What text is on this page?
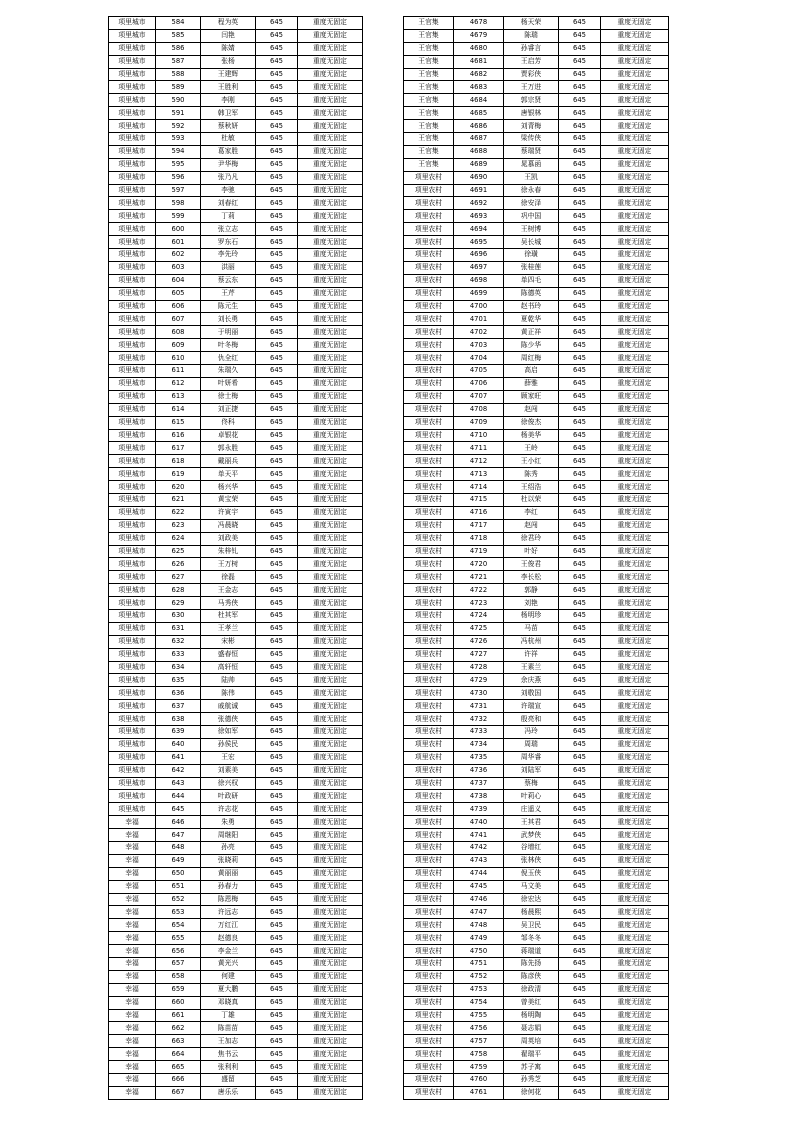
项里城市	584	程为英	645	重度无固定
项里城市	585	闫艳	645	重度无固定
项里城市	586	陈婧	645	重度无固定
项里城市	587	张杨	645	重度无固定
项里城市	588	王建辉	645	重度无固定
项里城市	589	王胜利	645	重度无固定
项里城市	590	李刚	645	重度无固定
项里城市	591	韩卫军	645	重度无固定
项里城市	592	蔡秋妍	645	重度无固定
项里城市	593	杜敏	645	重度无固定
项里城市	594	葛家胜	645	重度无固定
项里城市	595	尹华梅	645	重度无固定
项里城市	596	张乃凡	645	重度无固定
项里城市	597	李驰	645	重度无固定
项里城市	598	刘春红	645	重度无固定
项里城市	599	丁莉	645	重度无固定
项里城市	600	张立志	645	重度无固定
项里城市	601	罗东石	645	重度无固定
项里城市	602	李先玲	645	重度无固定
项里城市	603	洪丽	645	重度无固定
项里城市	604	蔡云东	645	重度无固定
项里城市	605	王芹	645	重度无固定
项里城市	606	陈元生	645	重度无固定
项里城市	607	刘长勇	645	重度无固定
项里城市	608	于明丽	645	重度无固定
项里城市	609	叶冬梅	645	重度无固定
项里城市	610	仇全红	645	重度无固定
项里城市	611	朱瑞久	645	重度无固定
项里城市	612	叶妍希	645	重度无固定
项里城市	613	徐士梅	645	重度无固定
项里城市	614	刘正捷	645	重度无固定
项里城市	615	佟科	645	重度无固定
项里城市	616	卓银花	645	重度无固定
项里城市	617	郭永胜	645	重度无固定
项里城市	618	戴丽兵	645	重度无固定
项里城市	619	单天平	645	重度无固定
项里城市	620	杨兴华	645	重度无固定
项里城市	621	黄宝荣	645	重度无固定
项里城市	622	许寅宇	645	重度无固定
项里城市	623	冯晨晓	645	重度无固定
项里城市	624	刘政美	645	重度无固定
项里城市	625	朱梓钆	645	重度无固定
项里城市	626	王万树	645	重度无固定
项里城市	627	徐磊	645	重度无固定
项里城市	628	王金志	645	重度无固定
项里城市	629	马秀侠	645	重度无固定
项里城市	630	杜其军	645	重度无固定
项里城市	631	王孝兰	645	重度无固定
项里城市	632	宋彬	645	重度无固定
项里城市	633	盛春恒	645	重度无固定
项里城市	634	高轩恒	645	重度无固定
项里城市	635	陆帅	645	重度无固定
项里城市	636	陈伟	645	重度无固定
项里城市	637	戚航诚	645	重度无固定
项里城市	638	张德侠	645	重度无固定
项里城市	639	徐如军	645	重度无固定
项里城市	640	孙侯民	645	重度无固定
项里城市	641	王宏	645	重度无固定
项里城市	642	刘素美	645	重度无固定
项里城市	643	徐兴权	645	重度无固定
项里城市	644	叶政研	645	重度无固定
项里城市	645	许志花	645	重度无固定
幸福	646	朱勇	645	重度无固定
幸福	647	周继阳	645	重度无固定
幸福	648	孙亮	645	重度无固定
幸福	649	张晓莉	645	重度无固定
幸福	650	黄丽丽	645	重度无固定
幸福	651	孙春力	645	重度无固定
幸福	652	陈恩梅	645	重度无固定
幸福	653	许远志	645	重度无固定
幸福	654	万红江	645	重度无固定
幸福	655	赵德良	645	重度无固定
幸福	656	李金兰	645	重度无固定
幸福	657	黄光兴	645	重度无固定
幸福	658	何建	645	重度无固定
幸福	659	夏大鹏	645	重度无固定
幸福	660	邓晓真	645	重度无固定
幸福	661	丁雄	645	重度无固定
幸福	662	陈苗苗	645	重度无固定
幸福	663	王加志	645	重度无固定
幸福	664	焦书云	645	重度无固定
幸福	665	张利利	645	重度无固定
幸福	666	盛留	645	重度无固定
幸福	667	唐乐乐	645	重度无固定
王官集	4678	杨天荣	645	重度无固定
王官集	4679	陈瑞	645	重度无固定
王官集	4680	孙睿言	645	重度无固定
王官集	4681	王启芳	645	重度无固定
王官集	4682	贾彩侠	645	重度无固定
王官集	4683	王万进	645	重度无固定
王官集	4684	郭宗贤	645	重度无固定
王官集	4685	唐银林	645	重度无固定
王官集	4686	刘青梅	645	重度无固定
王官集	4687	梁传侠	645	重度无固定
王官集	4688	蔡瑞贤	645	重度无固定
王官集	4689	晁慕函	645	重度无固定
项里农村	4690	王凯	645	重度无固定
项里农村	4691	徐永春	645	重度无固定
项里农村	4692	徐安泽	645	重度无固定
项里农村	4693	巩中国	645	重度无固定
项里农村	4694	王树博	645	重度无固定
项里农村	4695	吴长城	645	重度无固定
项里农村	4696	徐璜	645	重度无固定
项里农村	4697	张桂莲	645	重度无固定
项里农村	4698	单四毛	645	重度无固定
项里农村	4699	陈德英	645	重度无固定
项里农村	4700	赵书玲	645	重度无固定
项里农村	4701	夏乾华	645	重度无固定
项里农村	4702	黄正祥	645	重度无固定
项里农村	4703	陈少华	645	重度无固定
项里农村	4704	周红梅	645	重度无固定
项里农村	4705	高启	645	重度无固定
项里农村	4706	薛雅	645	重度无固定
项里农村	4707	顾家旺	645	重度无固定
项里农村	4708	赵闯	645	重度无固定
项里农村	4709	徐俊杰	645	重度无固定
项里农村	4710	杨美华	645	重度无固定
项里农村	4711	王岭	645	重度无固定
项里农村	4712	王小红	645	重度无固定
项里农村	4713	陈秀	645	重度无固定
项里农村	4714	王绍浩	645	重度无固定
项里农村	4715	杜以荣	645	重度无固定
项里农村	4716	李红	645	重度无固定
项里农村	4717	赵闯	645	重度无固定
项里农村	4718	徐君玲	645	重度无固定
项里农村	4719	叶好	645	重度无固定
项里农村	4720	王俊君	645	重度无固定
项里农村	4721	李长松	645	重度无固定
项里农村	4722	郭静	645	重度无固定
项里农村	4723	刘艳	645	重度无固定
项里农村	4724	杨明珍	645	重度无固定
项里农村	4725	马苗	645	重度无固定
项里农村	4726	冯杭州	645	重度无固定
项里农村	4727	许祥	645	重度无固定
项里农村	4728	王素兰	645	重度无固定
项里农村	4729	余庆燕	645	重度无固定
项里农村	4730	刘敬国	645	重度无固定
项里农村	4731	许瑞宣	645	重度无固定
项里农村	4732	殷亮和	645	重度无固定
项里农村	4733	冯玲	645	重度无固定
项里农村	4734	周瑞	645	重度无固定
项里农村	4735	周华睿	645	重度无固定
项里农村	4736	刘陆军	645	重度无固定
项里农村	4737	蔡梅	645	重度无固定
项里农村	4738	叶莉心	645	重度无固定
项里农村	4739	庄遥义	645	重度无固定
项里农村	4740	王其君	645	重度无固定
项里农村	4741	武梦侠	645	重度无固定
项里农村	4742	谷增红	645	重度无固定
项里农村	4743	张林侠	645	重度无固定
项里农村	4744	倪玉侠	645	重度无固定
项里农村	4745	马文美	645	重度无固定
项里农村	4746	徐宏达	645	重度无固定
项里农村	4747	杨晨熙	645	重度无固定
项里农村	4748	吴卫民	645	重度无固定
项里农村	4749	邹冬冬	645	重度无固定
项里农村	4750	蒋瑞道	645	重度无固定
项里农村	4751	陈先扬	645	重度无固定
项里农村	4752	陈彦侠	645	重度无固定
项里农村	4753	徐政清	645	重度无固定
项里农村	4754	曾美红	645	重度无固定
项里农村	4755	杨明陶	645	重度无固定
项里农村	4756	聂志娟	645	重度无固定
项里农村	4757	周英培	645	重度无固定
项里农村	4758	翟瑞平	645	重度无固定
项里农村	4759	苏子寓	645	重度无固定
项里农村	4760	孙秀芝	645	重度无固定
项里农村	4761	徐何花	645	重度无固定
